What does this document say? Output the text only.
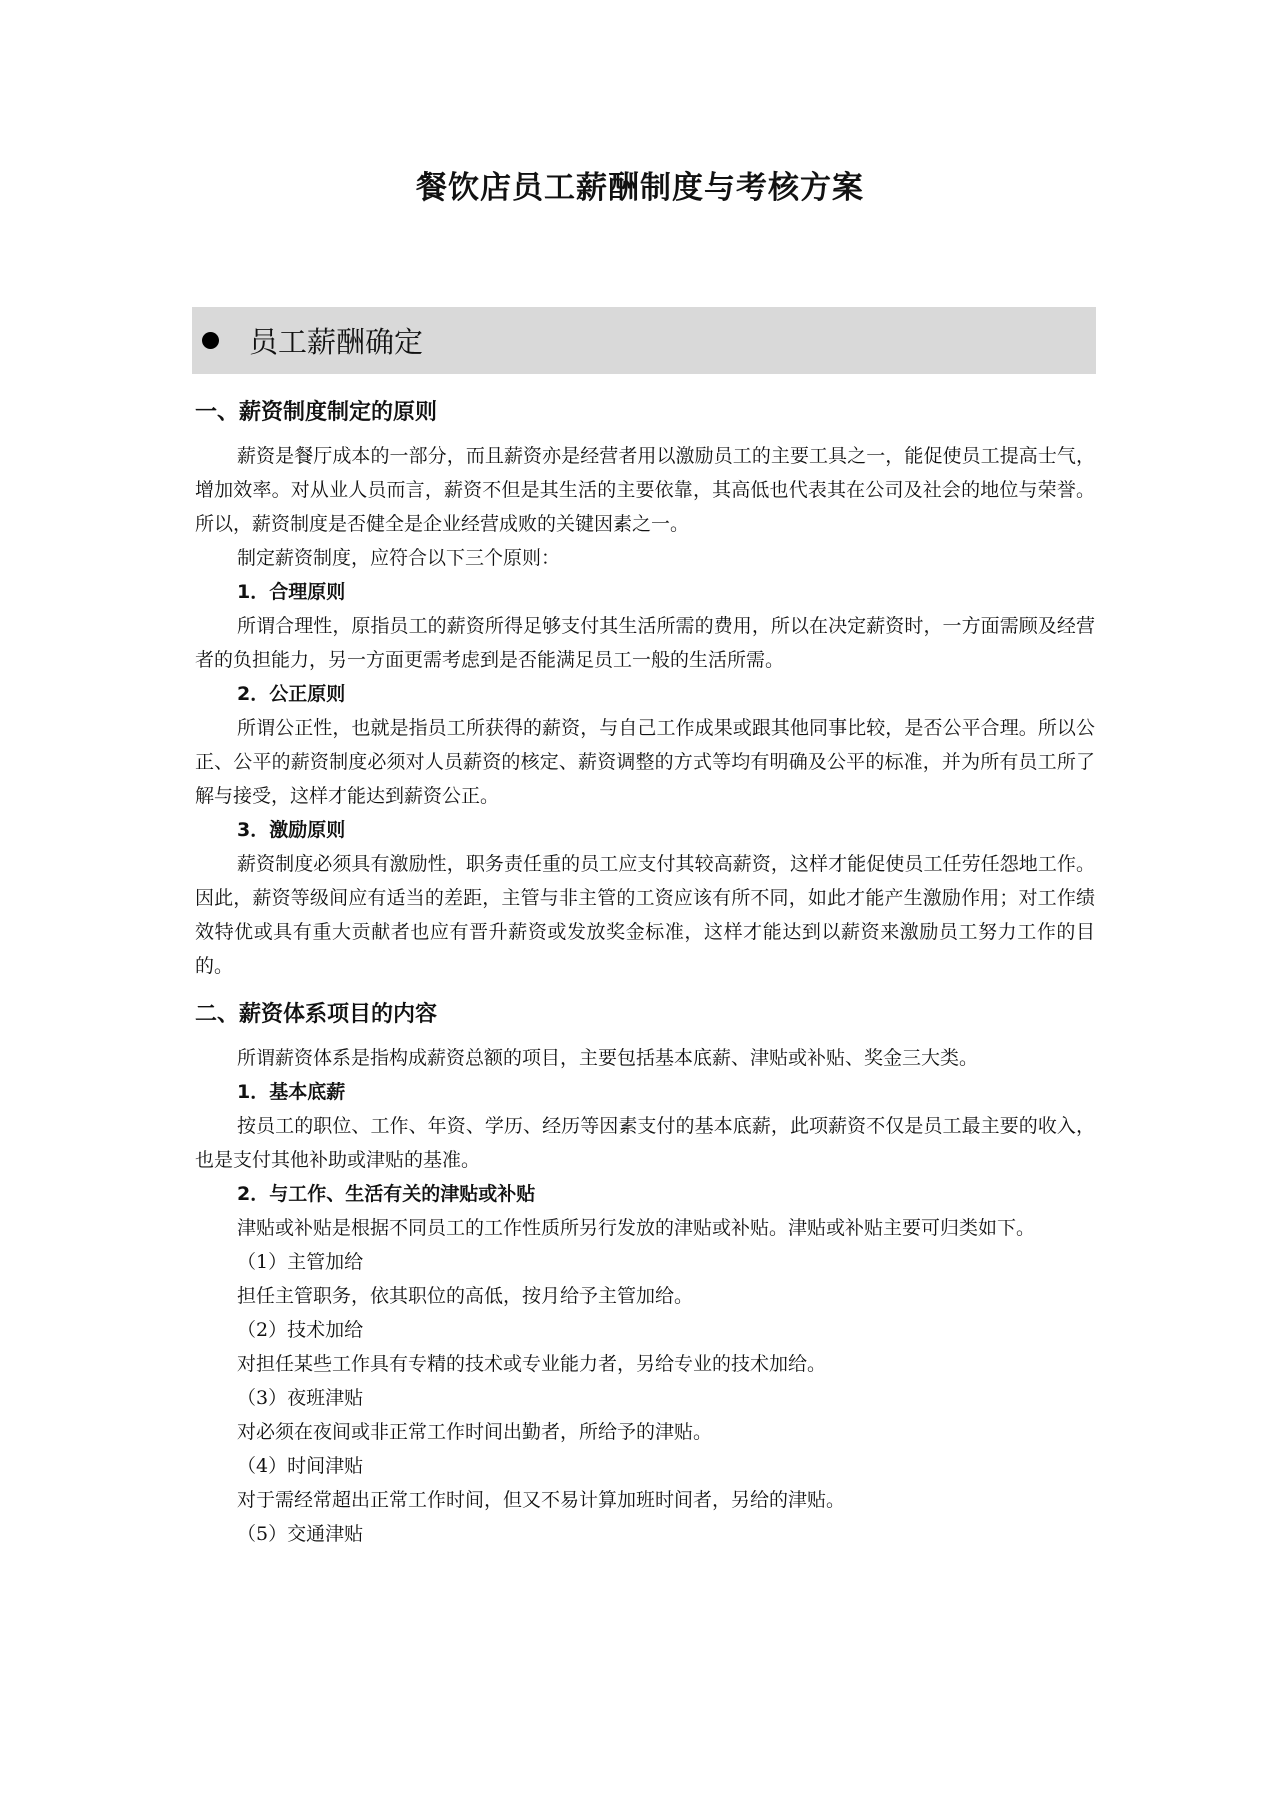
餐饮店员工薪酬制度与考核方案
员工薪酬确定
一、薪资制度制定的原则

薪资是餐厅成本的一部分，而且薪资亦是经营者用以激励员工的主要工具之一，能促使员工提高士气，增加效率。对从业人员而言，薪资不但是其生活的主要依靠，其高低也代表其在公司及社会的地位与荣誉。所以，薪资制度是否健全是企业经营成败的关键因素之一。

制定薪资制度，应符合以下三个原则：

1．合理原则

所谓合理性，原指员工的薪资所得足够支付其生活所需的费用，所以在决定薪资时，一方面需顾及经营者的负担能力，另一方面更需考虑到是否能满足员工一般的生活所需。

2．公正原则

所谓公正性，也就是指员工所获得的薪资，与自己工作成果或跟其他同事比较，是否公平合理。所以公正、公平的薪资制度必须对人员薪资的核定、薪资调整的方式等均有明确及公平的标准，并为所有员工所了解与接受，这样才能达到薪资公正。

3．激励原则

薪资制度必须具有激励性，职务责任重的员工应支付其较高薪资，这样才能促使员工任劳任怨地工作。因此，薪资等级间应有适当的差距，主管与非主管的工资应该有所不同，如此才能产生激励作用；对工作绩效特优或具有重大贡献者也应有晋升薪资或发放奖金标准，这样才能达到以薪资来激励员工努力工作的目的。

二、薪资体系项目的内容

所谓薪资体系是指构成薪资总额的项目，主要包括基本底薪、津贴或补贴、奖金三大类。

1．基本底薪

按员工的职位、工作、年资、学历、经历等因素支付的基本底薪，此项薪资不仅是员工最主要的收入，也是支付其他补助或津贴的基准。

2．与工作、生活有关的津贴或补贴

津贴或补贴是根据不同员工的工作性质所另行发放的津贴或补贴。津贴或补贴主要可归类如下。

（1）主管加给

担任主管职务，依其职位的高低，按月给予主管加给。

（2）技术加给

对担任某些工作具有专精的技术或专业能力者，另给专业的技术加给。

（3）夜班津贴

对必须在夜间或非正常工作时间出勤者，所给予的津贴。

（4）时间津贴

对于需经常超出正常工作时间，但又不易计算加班时间者，另给的津贴。

（5）交通津贴
